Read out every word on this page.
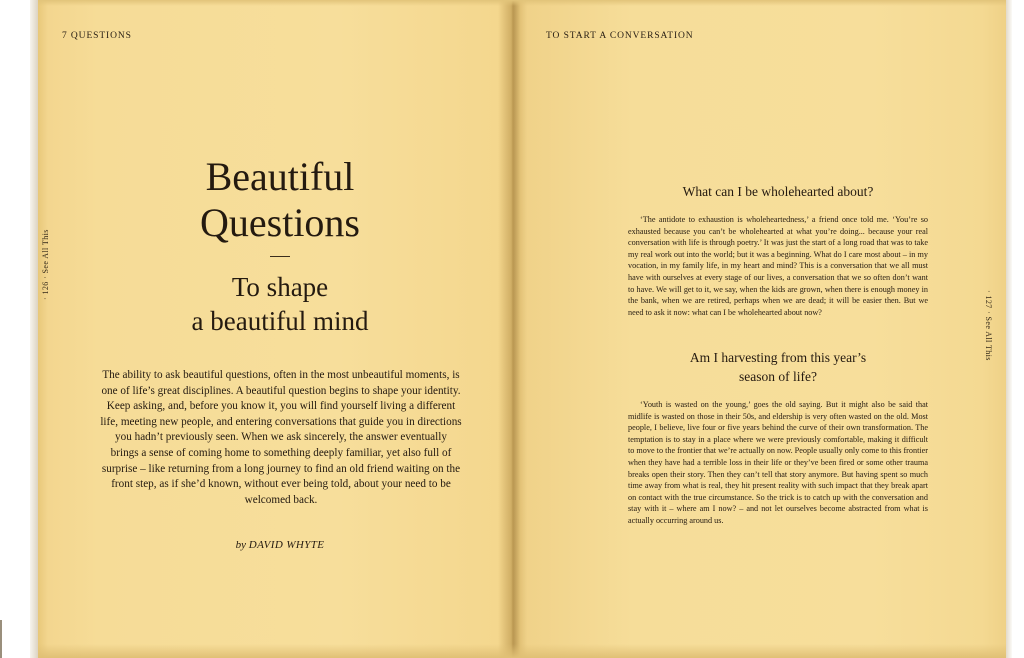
7 QUESTIONS	TO START A CONVERSATION
· 126 · See All This
· 127 · See All This
Beautiful
Questions
To shape
a beautiful mind
The ability to ask beautiful questions, often in the most unbeautiful moments, is one of life’s great disciplines. A beautiful question begins to shape your identity. Keep asking, and, before you know it, you will find yourself living a different life, meeting new people, and entering conversations that guide you in directions you hadn’t previously seen. When we ask sincerely, the answer eventually brings a sense of coming home to something deeply familiar, yet also full of surprise – like returning from a long journey to find an old friend waiting on the front step, as if she’d known, without ever being told, about your need to be welcomed back.
by DAVID WHYTE
What can I be wholehearted about?
‘The antidote to exhaustion is wholeheartedness,’ a friend once told me. ‘You’re so exhausted because you can’t be wholehearted at what you’re doing... because your real conversation with life is through poetry.’ It was just the start of a long road that was to take my real work out into the world; but it was a beginning. What do I care most about – in my vocation, in my family life, in my heart and mind? This is a conversation that we all must have with ourselves at every stage of our lives, a conversation that we so often don’t want to have. We will get to it, we say, when the kids are grown, when there is enough money in the bank, when we are retired, perhaps when we are dead; it will be easier then. But we need to ask it now: what can I be wholehearted about now?
Am I harvesting from this year’s
season of life?
‘Youth is wasted on the young,’ goes the old saying. But it might also be said that midlife is wasted on those in their 50s, and eldership is very often wasted on the old. Most people, I believe, live four or five years behind the curve of their own transformation. The temptation is to stay in a place where we were previously comfortable, making it difficult to move to the frontier that we’re actually on now. People usually only come to this frontier when they have had a terrible loss in their life or they’ve been fired or some other trauma breaks open their story. Then they can’t tell that story anymore. But having spent so much time away from what is real, they hit present reality with such impact that they break apart on contact with the true circumstance. So the trick is to catch up with the conversation and stay with it – where am I now? – and not let ourselves become abstracted from what is actually occurring around us.
